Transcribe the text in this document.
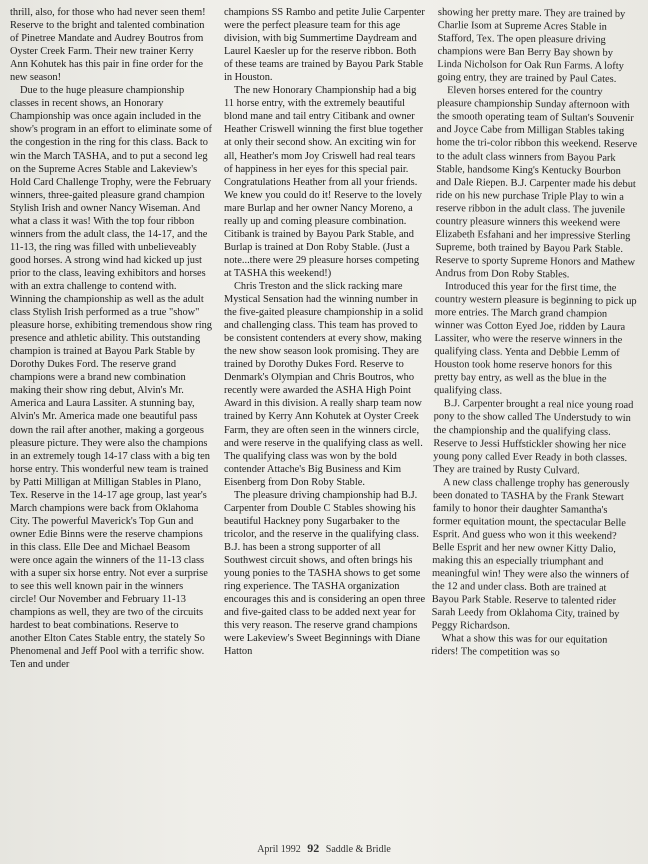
thrill, also, for those who had never seen them! Reserve to the bright and talented combination of Pinetree Mandate and Audrey Boutros from Oyster Creek Farm. Their new trainer Kerry Ann Kohutek has this pair in fine order for the new season!

Due to the huge pleasure championship classes in recent shows, an Honorary Championship was once again included in the show's program in an effort to eliminate some of the congestion in the ring for this class. Back to win the March TASHA, and to put a second leg on the Supreme Acres Stable and Lakeview's Hold Card Challenge Trophy, were the February winners, three-gaited pleasure grand champion Stylish Irish and owner Nancy Wiseman. And what a class it was! With the top four ribbon winners from the adult class, the 14-17, and the 11-13, the ring was filled with unbelieveably good horses. A strong wind had kicked up just prior to the class, leaving exhibitors and horses with an extra challenge to contend with. Winning the championship as well as the adult class Stylish Irish performed as a true "show" pleasure horse, exhibiting tremendous show ring presence and athletic ability. This outstanding champion is trained at Bayou Park Stable by Dorothy Dukes Ford. The reserve grand champions were a brand new combination making their show ring debut, Alvin's Mr. America and Laura Lassiter. A stunning bay, Alvin's Mr. America made one beautiful pass down the rail after another, making a gorgeous pleasure picture. They were also the champions in an extremely tough 14-17 class with a big ten horse entry. This wonderful new team is trained by Patti Milligan at Milligan Stables in Plano, Tex. Reserve in the 14-17 age group, last year's March champions were back from Oklahoma City. The powerful Maverick's Top Gun and owner Edie Binns were the reserve champions in this class. Elle Dee and Michael Beasom were once again the winners of the 11-13 class with a super six horse entry. Not ever a surprise to see this well known pair in the winners circle! Our November and February 11-13 champions as well, they are two of the circuits hardest to beat combinations. Reserve to another Elton Cates Stable entry, the stately So Phenomenal and Jeff Pool with a terrific show. Ten and under

champions SS Rambo and petite Julie Carpenter were the perfect pleasure team for this age division, with big Summertime Daydream and Laurel Kaesler up for the reserve ribbon. Both of these teams are trained by Bayou Park Stable in Houston.

The new Honorary Championship had a big 11 horse entry, with the extremely beautiful blond mane and tail entry Citibank and owner Heather Criswell winning the first blue together at only their second show. An exciting win for all, Heather's mom Joy Criswell had real tears of happiness in her eyes for this special pair. Congratulations Heather from all your friends. We knew you could do it! Reserve to the lovely mare Burlap and her owner Nancy Moreno, a really up and coming pleasure combination. Citibank is trained by Bayou Park Stable, and Burlap is trained at Don Roby Stable. (Just a note...there were 29 pleasure horses competing at TASHA this weekend!)

Chris Treston and the slick racking mare Mystical Sensation had the winning number in the five-gaited pleasure championship in a solid and challenging class. This team has proved to be consistent contenders at every show, making the new show season look promising. They are trained by Dorothy Dukes Ford. Reserve to Denmark's Olympian and Chris Boutros, who recently were awarded the ASHA High Point Award in this division. A really sharp team now trained by Kerry Ann Kohutek at Oyster Creek Farm, they are often seen in the winners circle, and were reserve in the qualifying class as well. The qualifying class was won by the bold contender Attache's Big Business and Kim Eisenberg from Don Roby Stable.

The pleasure driving championship had B.J. Carpenter from Double C Stables showing his beautiful Hackney pony Sugarbaker to the tricolor, and the reserve in the qualifying class. B.J. has been a strong supporter of all Southwest circuit shows, and often brings his young ponies to the TASHA shows to get some ring experience. The TASHA organization encourages this and is considering an open three and five-gaited class to be added next year for this very reason. The reserve grand champions were Lakeview's Sweet Beginnings with Diane Hatton

showing her pretty mare. They are trained by Charlie Isom at Supreme Acres Stable in Stafford, Tex. The open pleasure driving champions were Ban Berry Bay shown by Linda Nicholson for Oak Run Farms. A lofty going entry, they are trained by Paul Cates.

Eleven horses entered for the country pleasure championship Sunday afternoon with the smooth operating team of Sultan's Souvenir and Joyce Cabe from Milligan Stables taking home the tri-color ribbon this weekend. Reserve to the adult class winners from Bayou Park Stable, handsome King's Kentucky Bourbon and Dale Riepen. B.J. Carpenter made his debut ride on his new purchase Triple Play to win a reserve ribbon in the adult class. The juvenile country pleasure winners this weekend were Elizabeth Esfahani and her impressive Sterling Supreme, both trained by Bayou Park Stable. Reserve to sporty Supreme Honors and Mathew Andrus from Don Roby Stables.

Introduced this year for the first time, the country western pleasure is beginning to pick up more entries. The March grand champion winner was Cotton Eyed Joe, ridden by Laura Lassiter, who were the reserve winners in the qualifying class. Yenta and Debbie Lemm of Houston took home reserve honors for this pretty bay entry, as well as the blue in the qualifying class.

B.J. Carpenter brought a real nice young road pony to the show called The Understudy to win the championship and the qualifying class. Reserve to Jessi Huffstickler showing her nice young pony called Ever Ready in both classes. They are trained by Rusty Culvard.

A new class challenge trophy has generously been donated to TASHA by the Frank Stewart family to honor their daughter Samantha's former equitation mount, the spectacular Belle Esprit. And guess who won it this weekend? Belle Esprit and her new owner Kitty Dalio, making this an especially triumphant and meaningful win! They were also the winners of the 12 and under class. Both are trained at Bayou Park Stable. Reserve to talented rider Sarah Leedy from Oklahoma City, trained by Peggy Richardson.

What a show this was for our equitation riders! The competition was so

April 1992 92 Saddle & Bridle
